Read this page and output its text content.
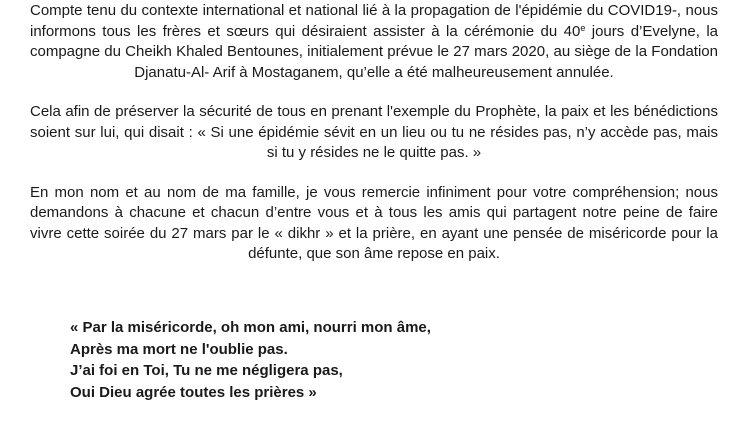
Compte tenu du contexte international et national lié à la propagation de l'épidémie du COVID19-, nous informons tous les frères et sœurs qui désiraient assister à la cérémonie du 40e jours d’Evelyne, la compagne du Cheikh Khaled Bentounes, initialement prévue le 27 mars 2020, au siège de la Fondation Djanatu-Al- Arif à Mostaganem, qu’elle a été malheureusement annulée.

Cela afin de préserver la sécurité de tous en prenant l'exemple du Prophète, la paix et les bénédictions soient sur lui, qui disait : « Si une épidémie sévit en un lieu ou tu ne résides pas, n’y accède pas, mais si tu y résides ne le quitte pas. »

En mon nom et au nom de ma famille, je vous remercie infiniment pour votre compréhension; nous demandons à chacune et chacun d’entre vous et à tous les amis qui partagent notre peine de faire vivre cette soirée du 27 mars par le « dikhr » et la prière, en ayant une pensée de miséricorde pour la défunte, que son âme repose en paix.

« Par la miséricorde, oh mon ami, nourri mon âme,
Après ma mort ne l'oublie pas.
J’ai foi en Toi, Tu ne me négligera pas,
Oui Dieu agrée toutes les prières »
